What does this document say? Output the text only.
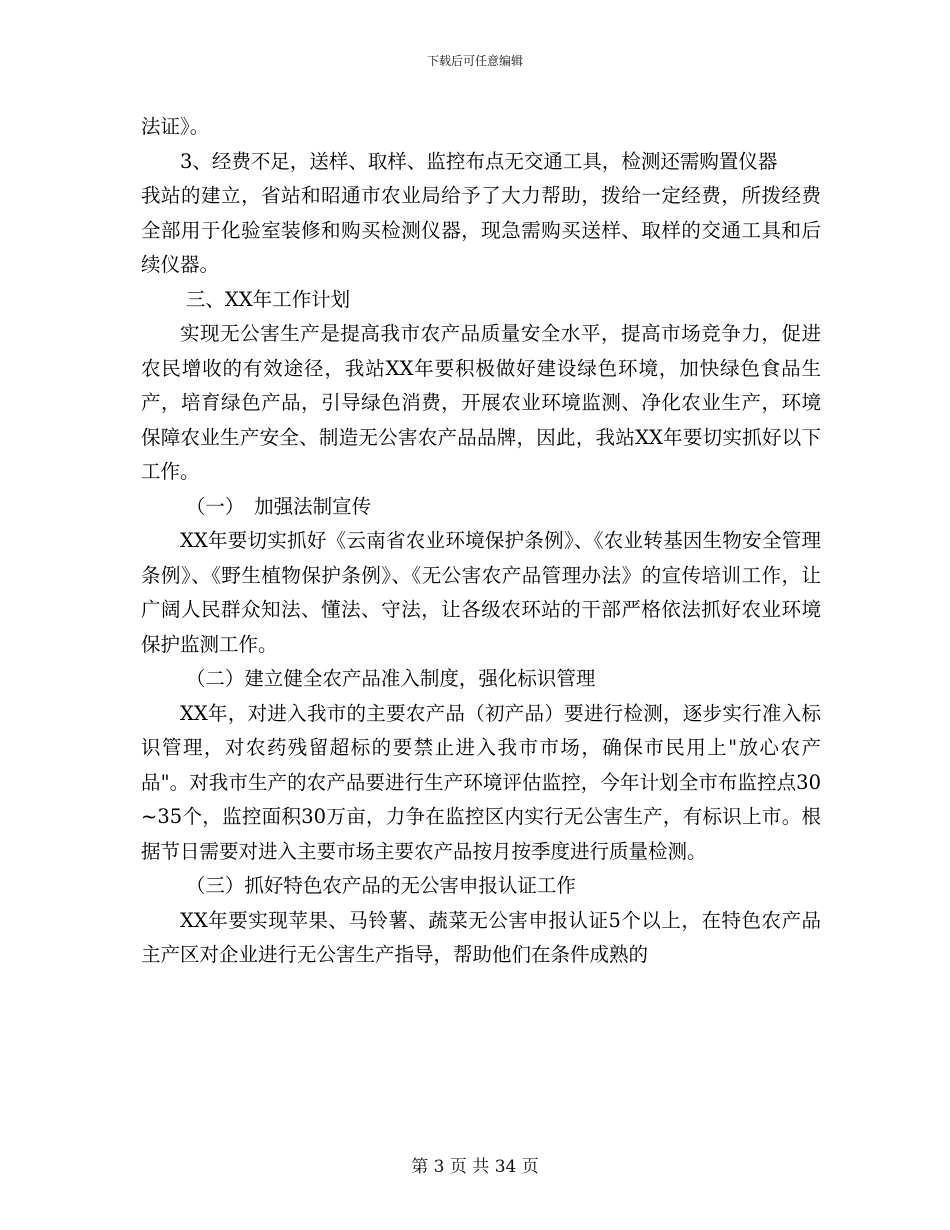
下载后可任意编辑

法证》。

3、经费不足，送样、取样、监控布点无交通工具，检测还需购置仪器

我站的建立，省站和昭通市农业局给予了大力帮助，拨给一定经费，所拨经费全部用于化验室装修和购买检测仪器，现急需购买送样、取样的交通工具和后续仪器。

三、XX年工作计划

实现无公害生产是提高我市农产品质量安全水平，提高市场竞争力，促进农民增收的有效途径，我站XX年要积极做好建设绿色环境，加快绿色食品生产，培育绿色产品，引导绿色消费，开展农业环境监测、净化农业生产，环境保障农业生产安全、制造无公害农产品品牌，因此，我站XX年要切实抓好以下工作。

（一）　加强法制宣传

XX年要切实抓好《云南省农业环境保护条例》、《农业转基因生物安全管理条例》、《野生植物保护条例》、《无公害农产品管理办法》的宣传培训工作，让广阔人民群众知法、懂法、守法，让各级农环站的干部严格依法抓好农业环境保护监测工作。

（二）建立健全农产品准入制度，强化标识管理

XX年，对进入我市的主要农产品（初产品）要进行检测，逐步实行准入标识管理，对农药残留超标的要禁止进入我市市场，确保市民用上"放心农产品"。对我市生产的农产品要进行生产环境评估监控，今年计划全市布监控点30~35个，监控面积30万亩，力争在监控区内实行无公害生产，有标识上市。根据节日需要对进入主要市场主要农产品按月按季度进行质量检测。

（三）抓好特色农产品的无公害申报认证工作

XX年要实现苹果、马铃薯、蔬菜无公害申报认证5个以上，在特色农产品主产区对企业进行无公害生产指导，帮助他们在条件成熟的

第 3 页 共 34 页
